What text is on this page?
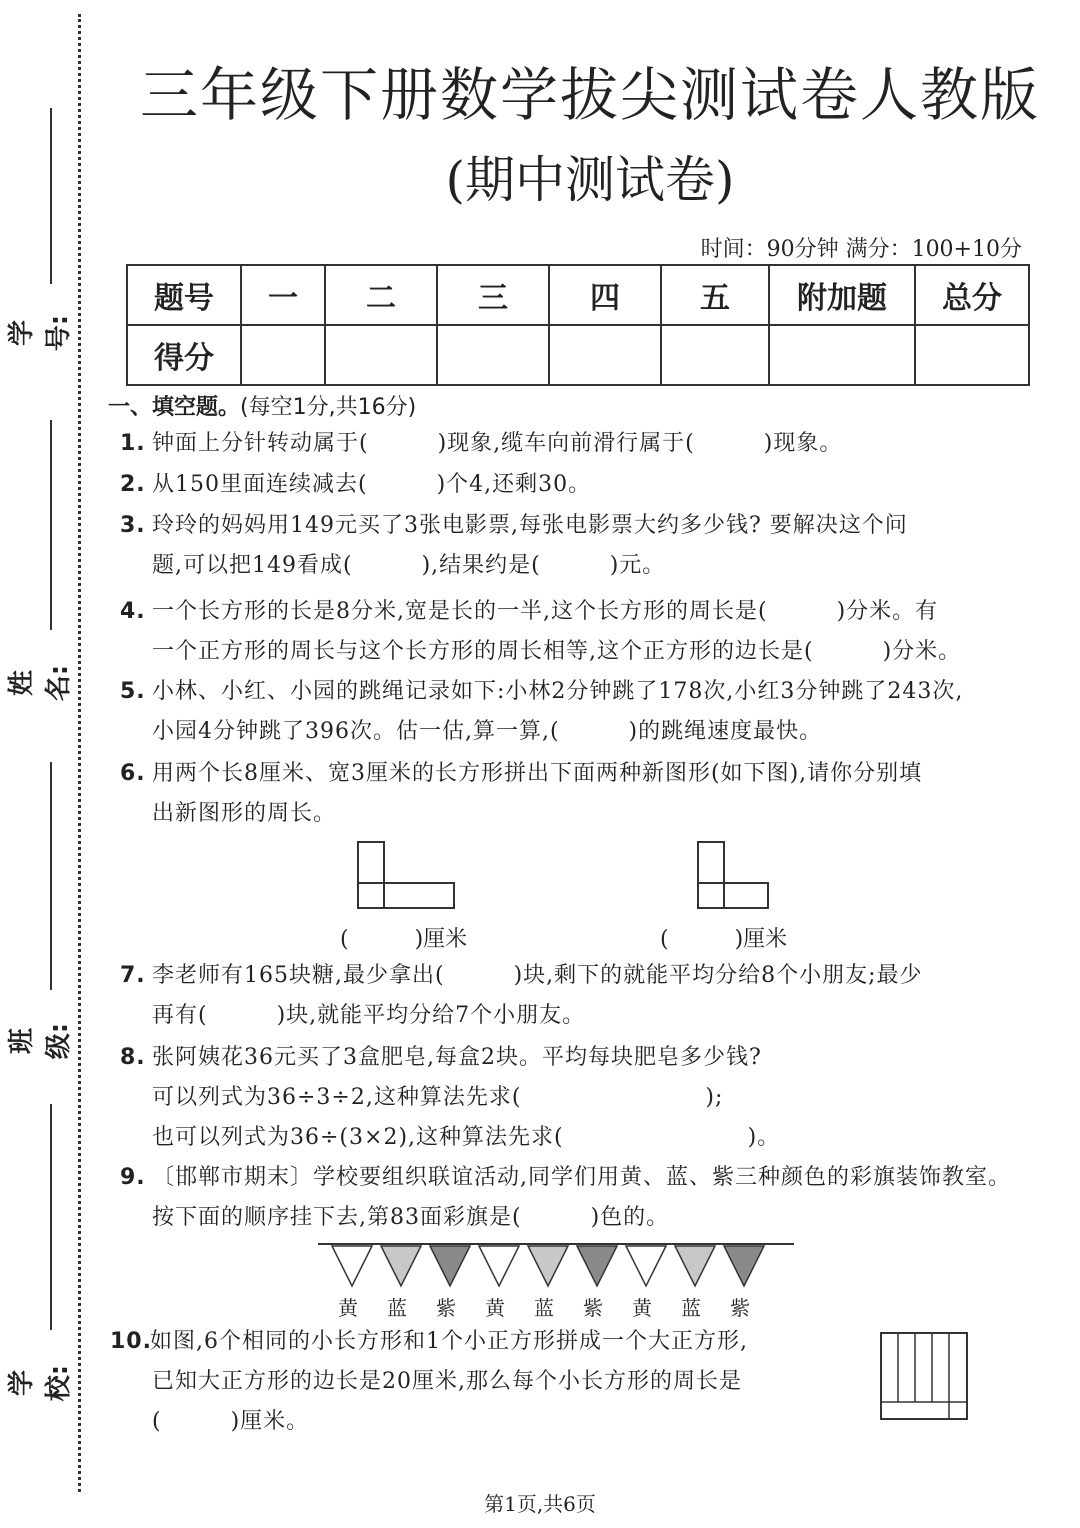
学号:
姓名:
班级:
学校:
三年级下册数学拔尖测试卷人教版
(期中测试卷)
时间：90分钟 满分：100+10分
题号	一	二	三	四	五	附加题	总分
得分							
一、填空题。(每空1分,共16分)
1. 钟面上分针转动属于(　　　)现象,缆车向前滑行属于(　　　)现象。
2. 从150里面连续减去(　　　)个4,还剩30。
3. 玲玲的妈妈用149元买了3张电影票,每张电影票大约多少钱? 要解决这个问
题,可以把149看成(　　　),结果约是(　　　)元。
4. 一个长方形的长是8分米,宽是长的一半,这个长方形的周长是(　　　)分米。有
一个正方形的周长与这个长方形的周长相等,这个正方形的边长是(　　　)分米。
5. 小林、小红、小园的跳绳记录如下:小林2分钟跳了178次,小红3分钟跳了243次,
小园4分钟跳了396次。估一估,算一算,(　　　)的跳绳速度最快。
6. 用两个长8厘米、宽3厘米的长方形拼出下面两种新图形(如下图),请你分别填
出新图形的周长。
(　　　)厘米	(　　　)厘米
7. 李老师有165块糖,最少拿出(　　　)块,剩下的就能平均分给8个小朋友;最少
再有(　　　)块,就能平均分给7个小朋友。
8. 张阿姨花36元买了3盒肥皂,每盒2块。平均每块肥皂多少钱?
可以列式为36÷3÷2,这种算法先求(　　　　　　　　);
也可以列式为36÷(3×2),这种算法先求(　　　　　　　　)。
9. 〔邯郸市期末〕学校要组织联谊活动,同学们用黄、蓝、紫三种颜色的彩旗装饰教室。
按下面的顺序挂下去,第83面彩旗是(　　　)色的。
黄 蓝 紫 黄 蓝 紫 黄 蓝 紫
10.如图,6个相同的小长方形和1个小正方形拼成一个大正方形,
已知大正方形的边长是20厘米,那么每个小长方形的周长是
(　　　)厘米。
第1页,共6页
